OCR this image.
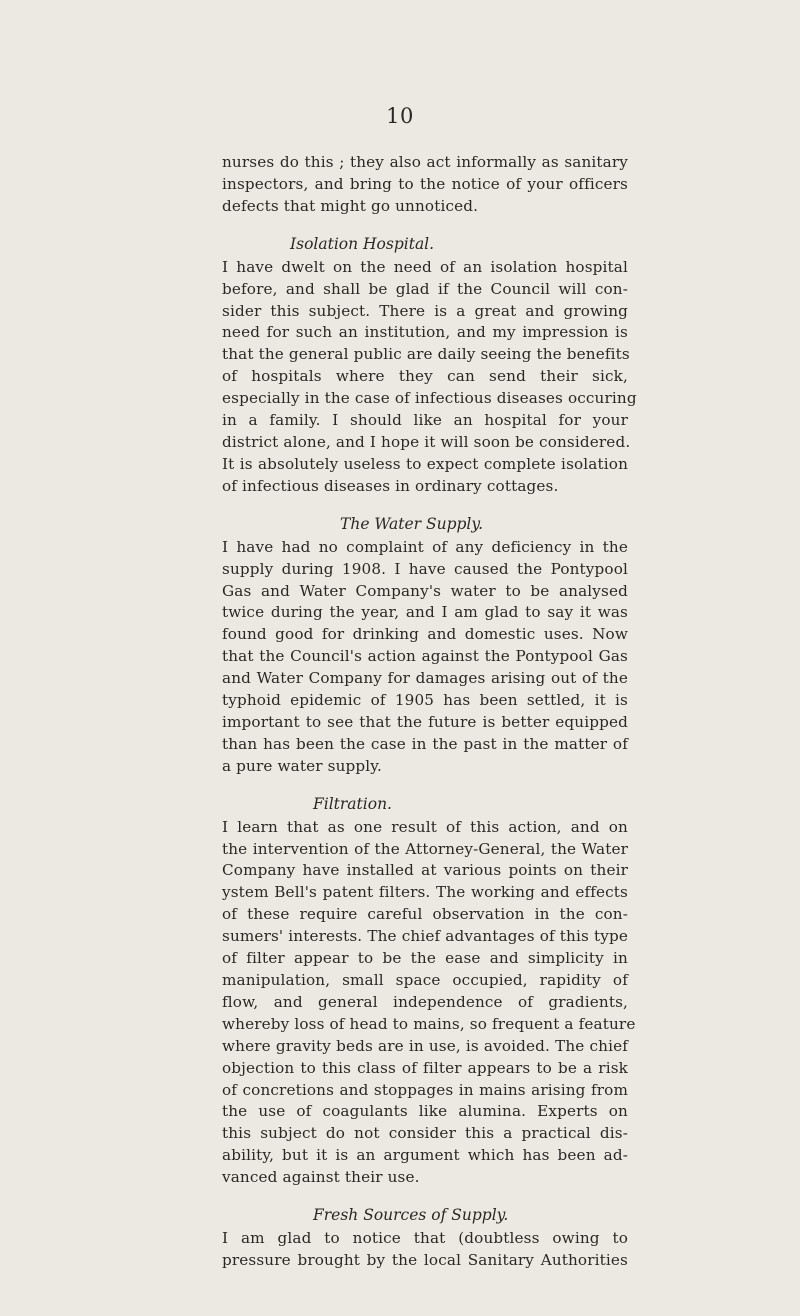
10
nurses do this ; they also act informally as sanitary
inspectors, and bring to the notice of your officers
defects that might go unnoticed.
Isolation Hospital.
I have dwelt on the need of an isolation hospital
before, and shall be glad if the Council will con-
sider this subject. There is a great and growing
need for such an institution, and my impression is
that the general public are daily seeing the benefits
of hospitals where they can send their sick,
especially in the case of infectious diseases occuring
in a family. I should like an hospital for your
district alone, and I hope it will soon be considered.
It is absolutely useless to expect complete isolation
of infectious diseases in ordinary cottages.
The Water Supply.
I have had no complaint of any deficiency in the
supply during 1908. I have caused the Pontypool
Gas and Water Company's water to be analysed
twice during the year, and I am glad to say it was
found good for drinking and domestic uses. Now
that the Council's action against the Pontypool Gas
and Water Company for damages arising out of the
typhoid epidemic of 1905 has been settled, it is
important to see that the future is better equipped
than has been the case in the past in the matter of
a pure water supply.
Filtration.
I learn that as one result of this action, and on
the intervention of the Attorney-General, the Water
Company have installed at various points on their
ystem Bell's patent filters. The working and effects
of these require careful observation in the con-
sumers' interests. The chief advantages of this type
of filter appear to be the ease and simplicity in
manipulation, small space occupied, rapidity of
flow, and general independence of gradients,
whereby loss of head to mains, so frequent a feature
where gravity beds are in use, is avoided. The chief
objection to this class of filter appears to be a risk
of concretions and stoppages in mains arising from
the use of coagulants like alumina. Experts on
this subject do not consider this a practical dis-
ability, but it is an argument which has been ad-
vanced against their use.
Fresh Sources of Supply.
I am glad to notice that (doubtless owing to
pressure brought by the local Sanitary Authorities
